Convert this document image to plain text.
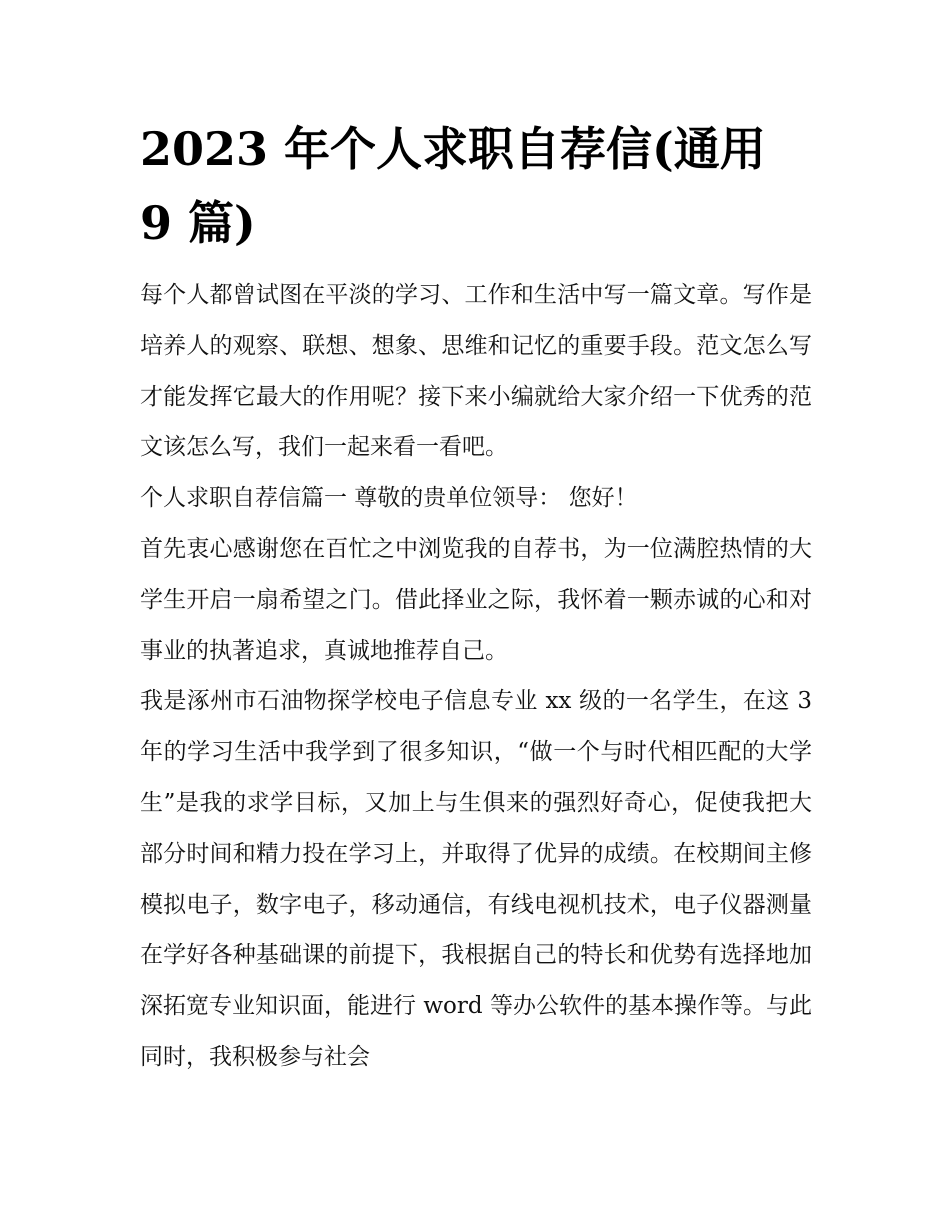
2023 年个人求职自荐信(通用 9 篇)

每个人都曾试图在平淡的学习、工作和生活中写一篇文章。写作是培养人的观察、联想、想象、思维和记忆的重要手段。范文怎么写才能发挥它最大的作用呢？接下来小编就给大家介绍一下优秀的范文该怎么写，我们一起来看一看吧。

个人求职自荐信篇一 尊敬的贵单位领导： 您好！

首先衷心感谢您在百忙之中浏览我的自荐书，为一位满腔热情的大学生开启一扇希望之门。借此择业之际，我怀着一颗赤诚的心和对事业的执著追求，真诚地推荐自己。

我是涿州市石油物探学校电子信息专业 xx 级的一名学生，在这 3 年的学习生活中我学到了很多知识，“做一个与时代相匹配的大学生”是我的求学目标，又加上与生俱来的强烈好奇心，促使我把大部分时间和精力投在学习上，并取得了优异的成绩。在校期间主修模拟电子，数字电子，移动通信，有线电视机技术，电子仪器测量在学好各种基础课的前提下，我根据自己的特长和优势有选择地加深拓宽专业知识面，能进行 word 等办公软件的基本操作等。与此同时，我积极参与社会
